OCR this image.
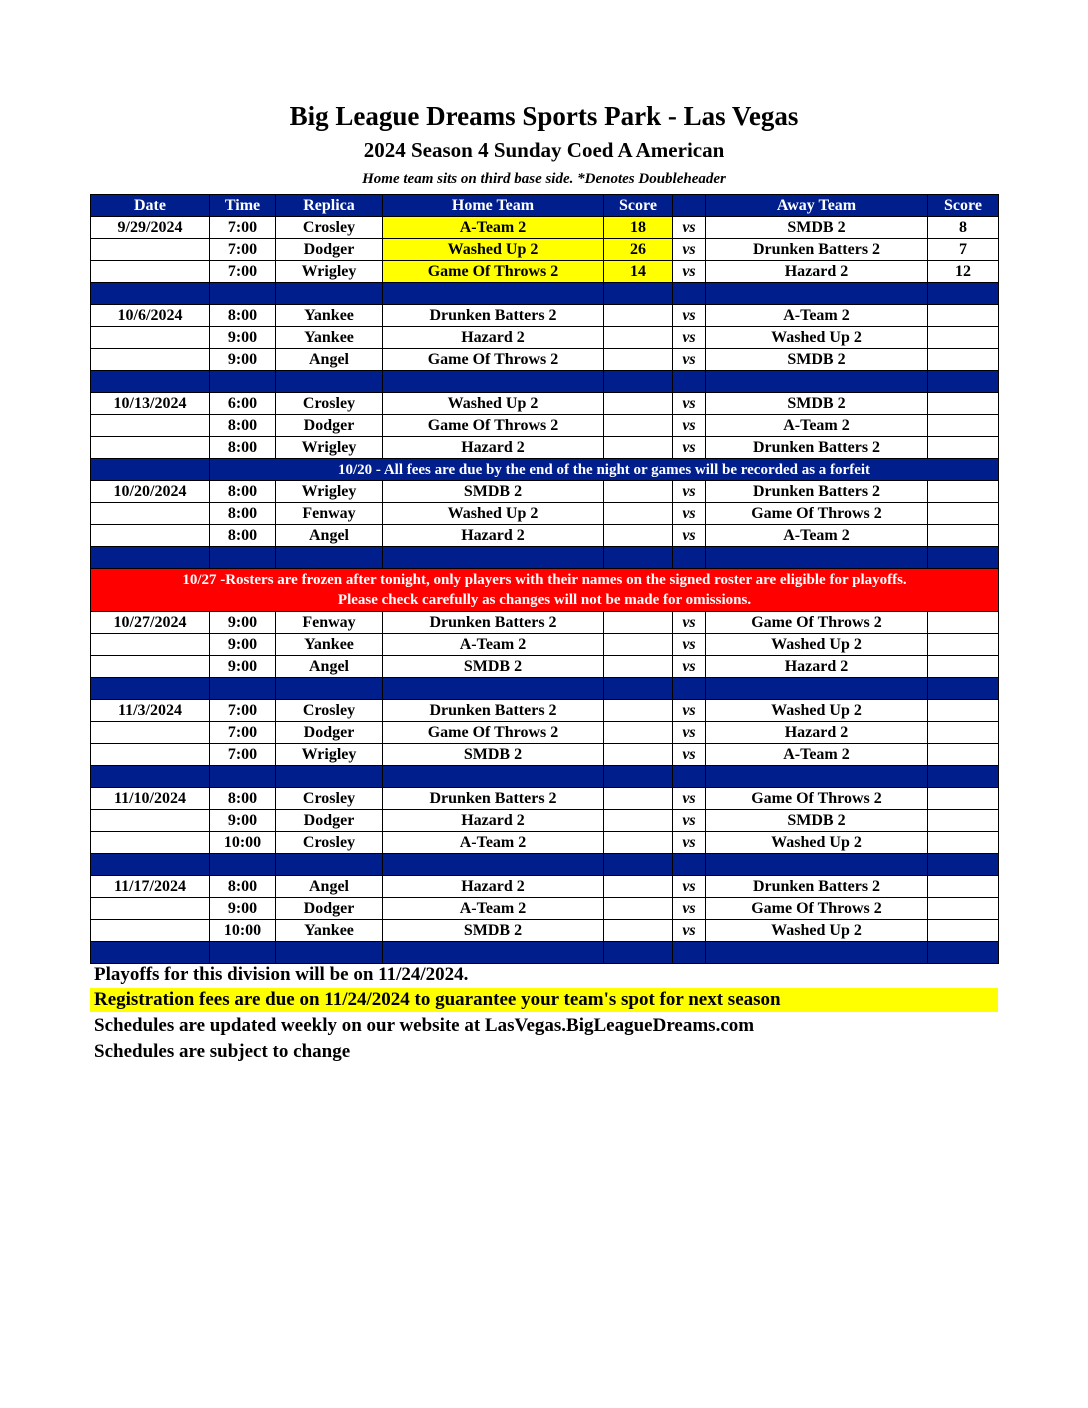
Big League Dreams Sports Park - Las Vegas
2024 Season 4 Sunday Coed A American
Home team sits on third base side. *Denotes Doubleheader
Date	Time	Replica	Home Team	Score		Away Team	Score
9/29/2024	7:00	Crosley	A-Team 2	18	vs	SMDB 2	8
	7:00	Dodger	Washed Up 2	26	vs	Drunken Batters 2	7
	7:00	Wrigley	Game Of Throws 2	14	vs	Hazard 2	12

10/6/2024	8:00	Yankee	Drunken Batters 2		vs	A-Team 2	
	9:00	Yankee	Hazard 2		vs	Washed Up 2	
	9:00	Angel	Game Of Throws 2		vs	SMDB 2	

10/13/2024	6:00	Crosley	Washed Up 2		vs	SMDB 2	
	8:00	Dodger	Game Of Throws 2		vs	A-Team 2	
	8:00	Wrigley	Hazard 2		vs	Drunken Batters 2	
	10/20 - All fees are due by the end of the night or games will be recorded as a forfeit						
10/20/2024	8:00	Wrigley	SMDB 2		vs	Drunken Batters 2	
	8:00	Fenway	Washed Up 2		vs	Game Of Throws 2	
	8:00	Angel	Hazard 2		vs	A-Team 2	

10/27 -Rosters are frozen after tonight, only players with their names on the signed roster are eligible for playoffs.
Please check carefully as changes will not be made for omissions.							

10/27/2024	9:00	Fenway	Drunken Batters 2		vs	Game Of Throws 2	
	9:00	Yankee	A-Team 2		vs	Washed Up 2	
	9:00	Angel	SMDB 2		vs	Hazard 2	

11/3/2024	7:00	Crosley	Drunken Batters 2		vs	Washed Up 2	
	7:00	Dodger	Game Of Throws 2		vs	Hazard 2	
	7:00	Wrigley	SMDB 2		vs	A-Team 2	

11/10/2024	8:00	Crosley	Drunken Batters 2		vs	Game Of Throws 2	
	9:00	Dodger	Hazard 2		vs	SMDB 2	
	10:00	Crosley	A-Team 2		vs	Washed Up 2	

11/17/2024	8:00	Angel	Hazard 2		vs	Drunken Batters 2	
	9:00	Dodger	A-Team 2		vs	Game Of Throws 2	
	10:00	Yankee	SMDB 2		vs	Washed Up 2	

Playoffs for this division will be on 11/24/2024.
Registration fees are due on 11/24/2024 to guarantee your team's spot for next season
Schedules are updated weekly on our website at LasVegas.BigLeagueDreams.com
Schedules are subject to change
